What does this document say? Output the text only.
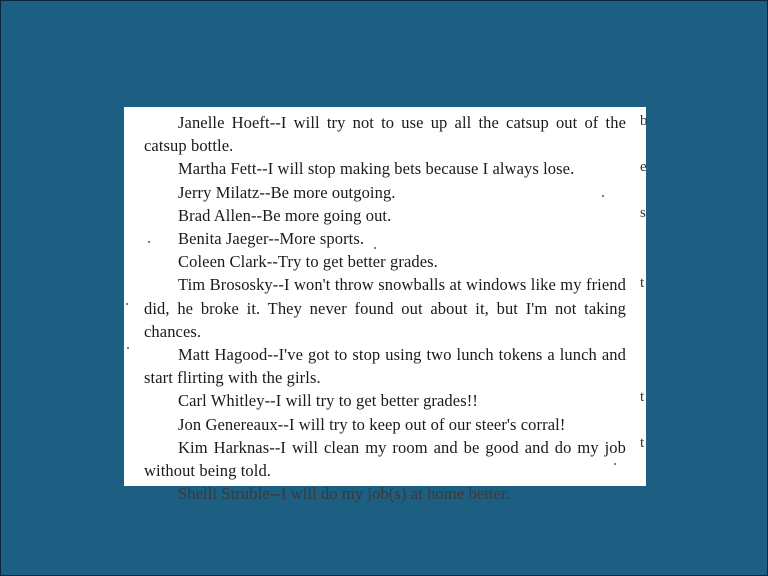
Janelle Hoeft--I will try not to use up all the catsup out of the catsup bottle.

Martha Fett--I will stop making bets because I always lose.

Jerry Milatz--Be more outgoing.

Brad Allen--Be more going out.

Benita Jaeger--More sports.

Coleen Clark--Try to get better grades.

Tim Brososky--I won't throw snowballs at windows like my friend did, he broke it. They never found out about it, but I'm not taking chances.

Matt Hagood--I've got to stop using two lunch tokens a lunch and start flirting with the girls.

Carl Whitley--I will try to get better grades!!

Jon Genereaux--I will try to keep out of our steer's corral!

Kim Harknas--I will clean my room and be good and do my job without being told.

Shelli Struble--I will do my job(s) at home better.

b
e
s
t
t
t
